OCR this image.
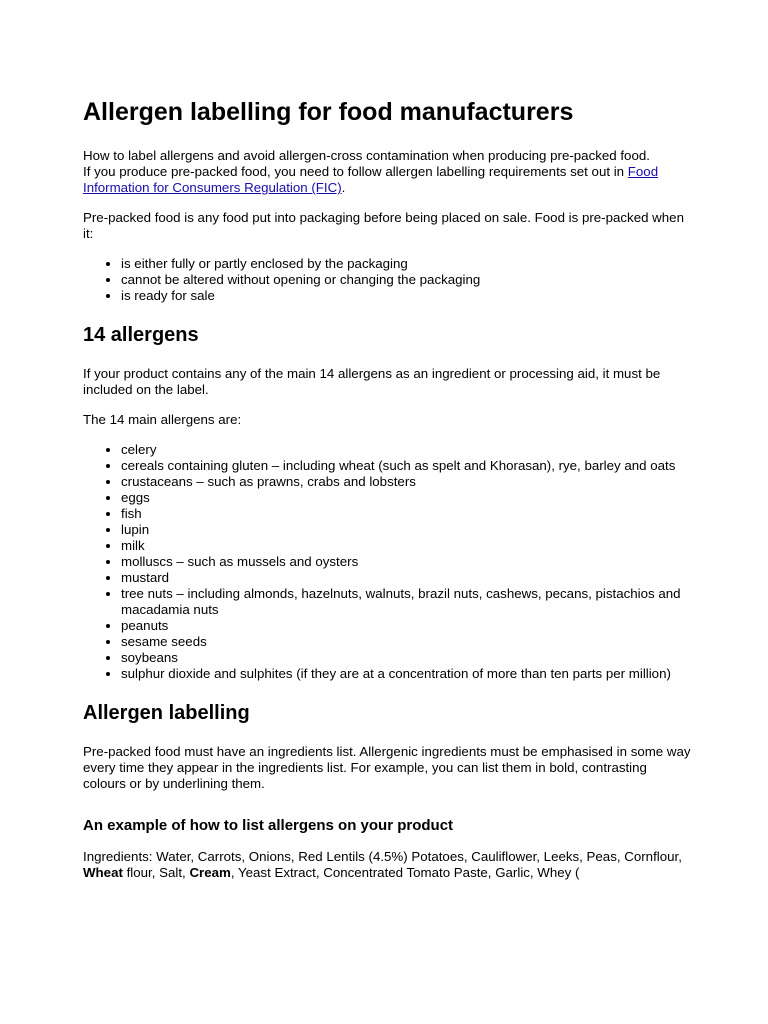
Allergen labelling for food manufacturers

How to label allergens and avoid allergen-cross contamination when producing pre-packed food.
If you produce pre-packed food, you need to follow allergen labelling requirements set out in Food Information for Consumers Regulation (FIC).

Pre-packed food is any food put into packaging before being placed on sale. Food is pre-packed when it:

• is either fully or partly enclosed by the packaging
• cannot be altered without opening or changing the packaging
• is ready for sale
14 allergens

If your product contains any of the main 14 allergens as an ingredient or processing aid, it must be included on the label.

The 14 main allergens are:

• celery
• cereals containing gluten – including wheat (such as spelt and Khorasan), rye, barley and oats
• crustaceans – such as prawns, crabs and lobsters
• eggs
• fish
• lupin
• milk
• molluscs – such as mussels and oysters
• mustard
• tree nuts – including almonds, hazelnuts, walnuts, brazil nuts, cashews, pecans, pistachios and macadamia nuts
• peanuts
• sesame seeds
• soybeans
• sulphur dioxide and sulphites (if they are at a concentration of more than ten parts per million)
Allergen labelling

Pre-packed food must have an ingredients list. Allergenic ingredients must be emphasised in some way every time they appear in the ingredients list. For example, you can list them in bold, contrasting colours or by underlining them.

An example of how to list allergens on your product

Ingredients: Water, Carrots, Onions, Red Lentils (4.5%) Potatoes, Cauliflower, Leeks, Peas, Cornflour, Wheat flour, Salt, Cream, Yeast Extract, Concentrated Tomato Paste, Garlic, Whey (
